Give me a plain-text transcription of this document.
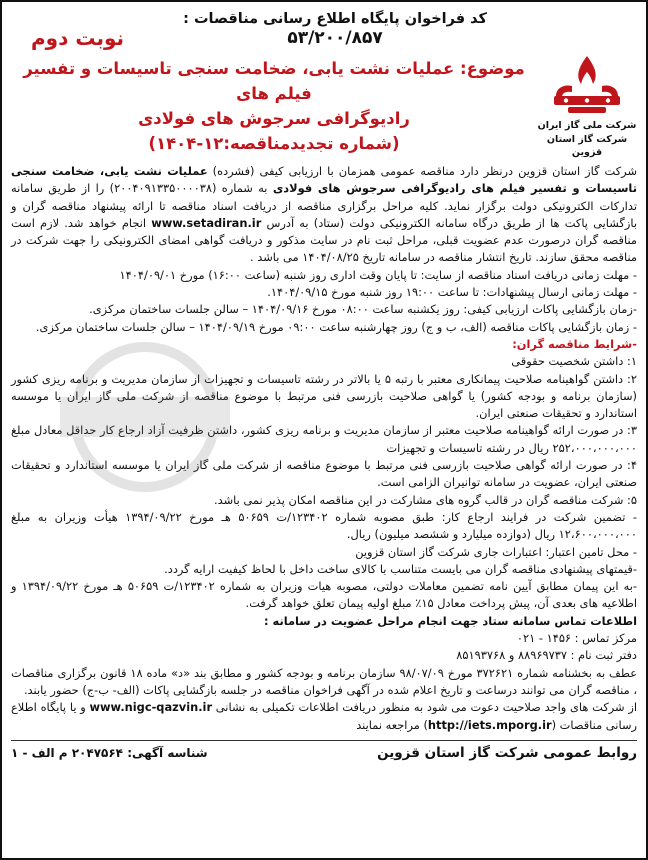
کد فراخوان پایگاه اطلاع رسانی مناقصات :
۵۳/۲۰۰/۸۵۷
شرکت ملی گاز ایران
شرکت گاز استان قزوین
نوبت دوم
موضوع: عملیات نشت یابی، ضخامت سنجی تاسیسات و تفسیر فیلم های
رادیوگرافی سرجوش های فولادی
(شماره تجدیدمناقصه:۱۲-۱۴۰۴)

شرکت گاز استان قزوین درنظر دارد مناقصه عمومی همزمان با ارزیابی کیفی (فشرده) عملیات نشت یابی، ضخامت سنجی تاسیسات و تفسیر فیلم های رادیوگرافی سرجوش های فولادی به شماره (۲۰۰۴۰۹۱۳۳۵۰۰۰۰۳۸) را از طریق سامانه تدارکات الکترونیکی دولت برگزار نماید. کلیه مراحل برگزاری مناقصه از دریافت اسناد مناقصه تا ارائه پیشنهاد مناقصه گران و بازگشایی پاکت ها از طریق درگاه سامانه الکترونیکی دولت (ستاد) به آدرس www.setadiran.ir انجام خواهد شد. لازم است مناقصه گران درصورت عدم عضویت قبلی، مراحل ثبت نام در سایت مذکور و دریافت گواهی امضای الکترونیکی را جهت شرکت در مناقصه محقق سازند. تاریخ انتشار مناقصه در سامانه تاریخ ۱۴۰۴/۰۸/۲۵ می باشد .

- مهلت زمانی دریافت اسناد مناقصه از سایت: تا پایان وقت اداری روز شنبه (ساعت ۱۶:۰۰) مورخ ۱۴۰۴/۰۹/۰۱

- مهلت زمانی ارسال پیشنهادات: تا ساعت ۱۹:۰۰ روز شنبه مورخ ۱۴۰۴/۰۹/۱۵.

-زمان بازگشایی پاکات ارزیابی کیفی: روز یکشنبه ساعت ۰۸:۰۰ مورخ ۱۴۰۴/۰۹/۱۶ – سالن جلسات ساختمان مرکزی.

- زمان بازگشایی پاکات مناقصه (الف، ب و ج) روز چهارشنبه ساعت ۰۹:۰۰ مورخ ۱۴۰۴/۰۹/۱۹ – سالن جلسات ساختمان مرکزی.

-شرایط مناقصه گران:

۱: داشتن شخصیت حقوقی

۲: داشتن گواهینامه صلاحیت پیمانکاری معتبر با رتبه ۵ یا بالاتر در رشته تاسیسات و تجهیزات از سازمان مدیریت و برنامه ریزی کشور (سازمان برنامه و بودجه کشور) یا گواهی صلاحیت بازرسی فنی مرتبط با موضوع مناقصه از شرکت ملی گاز ایران یا موسسه استاندارد و تحقیقات صنعتی ایران.

۳: در صورت ارائه گواهینامه صلاحیت معتبر از سازمان مدیریت و برنامه ریزی کشور، داشتن ظرفیت آزاد ارجاع کار حداقل معادل مبلغ ۲۵۲،۰۰۰،۰۰۰،۰۰۰ ریال در رشته تاسیسات و تجهیزات

۴: در صورت ارائه گواهی صلاحیت بازرسی فنی مرتبط با موضوع مناقصه از شرکت ملی گاز ایران یا موسسه استاندارد و تحقیقات صنعتی ایران، عضویت در سامانه توانیران الزامی است.

۵: شرکت مناقصه گران در قالب گروه های مشارکت در این مناقصه امکان پذیر نمی باشد.

- تضمین شرکت در فرایند ارجاع کار: طبق مصوبه شماره ۱۲۳۴۰۲/ت ۵۰۶۵۹ هـ مورخ ۱۳۹۴/۰۹/۲۲ هیأت وزیران به مبلغ ۱۲،۶۰۰،۰۰۰،۰۰۰ ریال (دوازده میلیارد و ششصد میلیون) ریال.

- محل تامین اعتبار: اعتبارات جاری شرکت گاز استان قزوین

-قیمتهای پیشنهادی مناقصه گران می بایست متناسب با کالای ساخت داخل با لحاظ کیفیت ارایه گردد.

-به این پیمان مطابق آیین نامه تضمین معاملات دولتی، مصوبه هیات وزیران به شماره ۱۲۳۴۰۲/ت ۵۰۶۵۹ هـ مورخ ۱۳۹۴/۰۹/۲۲ و اطلاعیه های بعدی آن، پیش پرداخت معادل ۱۵٪ مبلغ اولیه پیمان تعلق خواهد گرفت.

اطلاعات تماس سامانه ستاد جهت انجام مراحل عضویت در سامانه :

مرکز تماس : ۱۴۵۶ - ۰۲۱

دفتر ثبت نام : ۸۸۹۶۹۷۳۷ و ۸۵۱۹۳۷۶۸

عطف به بخشنامه شماره ۳۷۲۶۲۱ مورخ ۹۸/۰۷/۰۹ سازمان برنامه و بودجه کشور و مطابق بند «د» ماده ۱۸ قانون برگزاری مناقصات ، مناقصه گران می توانند درساعت و تاریخ اعلام شده در آگهی فراخوان مناقصه در جلسه بازگشایی پاکات (الف- ب-ج) حضور یابند.

از شرکت های واجد صلاحیت دعوت می شود به منظور دریافت اطلاعات تکمیلی به نشانی www.nigc-qazvin.ir و یا پایگاه اطلاع رسانی مناقصات (http://iets.mporg.ir) مراجعه نمایند

روابط عمومی شرکت گاز استان قزوین
شناسه آگهی: ۲۰۴۷۵۶۴ م الف - ۱
